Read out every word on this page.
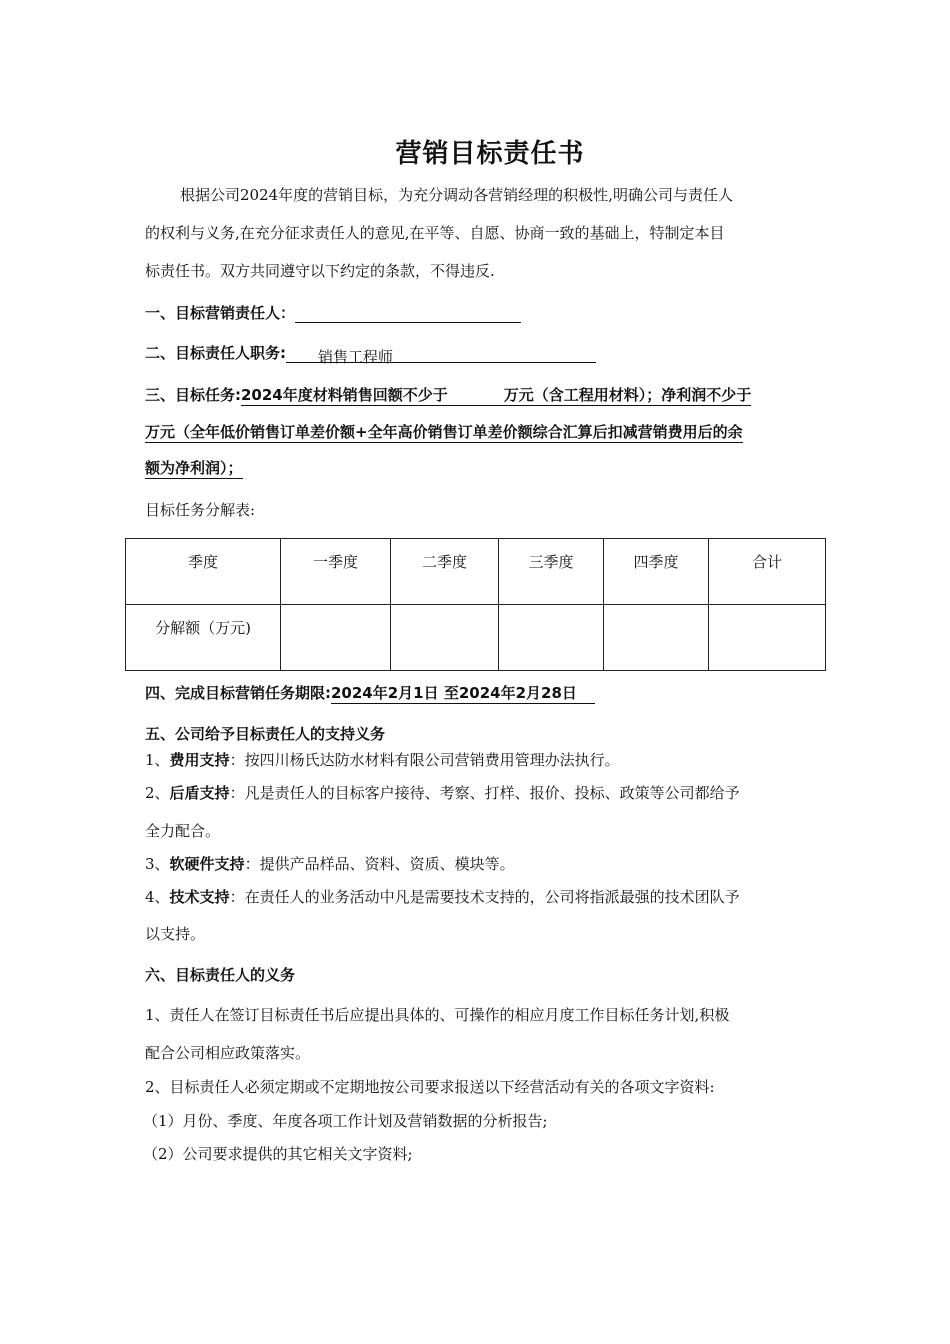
营销目标责任书
根据公司2024年度的营销目标，为充分调动各营销经理的积极性,明确公司与责任人
的权利与义务,在充分征求责任人的意见,在平等、自愿、协商一致的基础上，特制定本目
标责任书。双方共同遵守以下约定的条款，不得违反.
一、目标营销责任人：
二、目标责任人职务: 销售工程师
三、目标任务:2024年度材料销售回额不少于	万元（含工程用材料）；净利润不少于
万元（全年低价销售订单差价额+全年高价销售订单差价额综合汇算后扣减营销费用后的余
额为净利润）；
目标任务分解表:
季度	一季度	二季度	三季度	四季度	合计
分解额（万元)					
四、完成目标营销任务期限:2024年2月1日 至2024年2月28日
五、公司给予目标责任人的支持义务
1、费用支持：按四川杨氏达防水材料有限公司营销费用管理办法执行。
2、后盾支持：凡是责任人的目标客户接待、考察、打样、报价、投标、政策等公司都给予
全力配合。
3、软硬件支持：提供产品样品、资料、资质、模块等。
4、技术支持：在责任人的业务活动中凡是需要技术支持的，公司将指派最强的技术团队予
以支持。
六、目标责任人的义务
1、责任人在签订目标责任书后应提出具体的、可操作的相应月度工作目标任务计划,积极
配合公司相应政策落实。
2、目标责任人必须定期或不定期地按公司要求报送以下经营活动有关的各项文字资料:
（1）月份、季度、年度各项工作计划及营销数据的分析报告;
（2）公司要求提供的其它相关文字资料;
